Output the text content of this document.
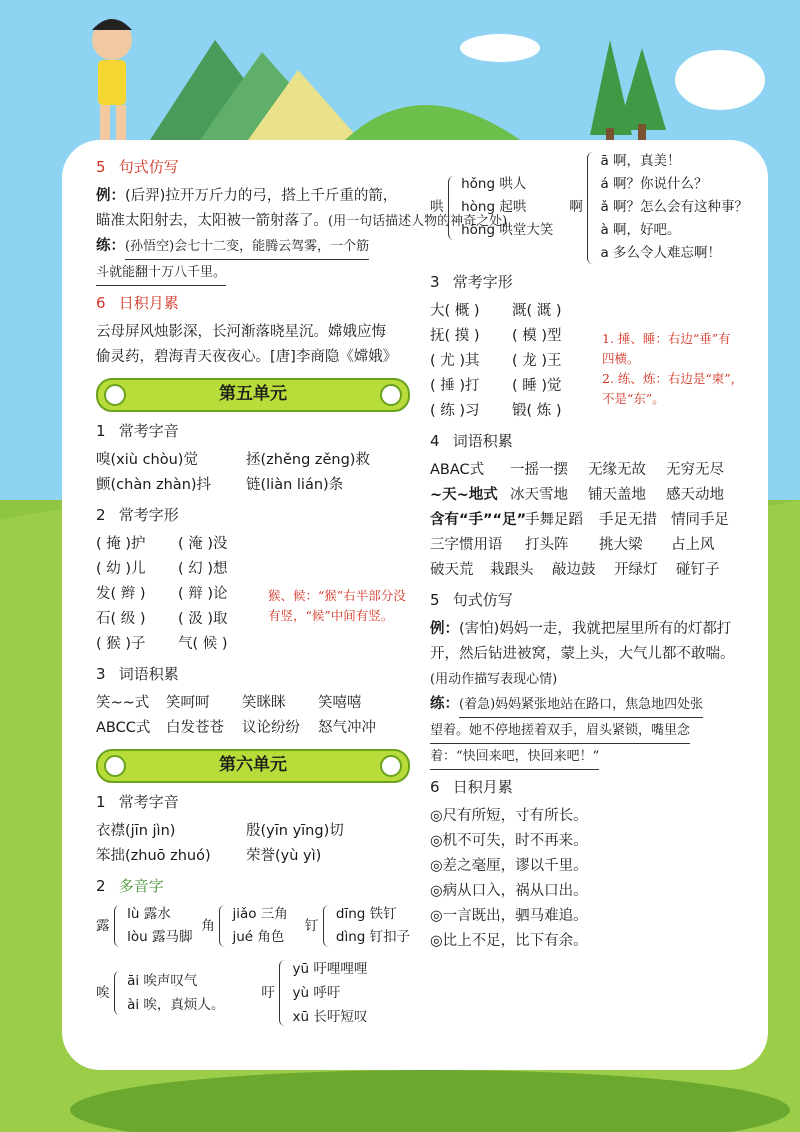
5 句式仿写
例：(后羿)拉开万斤力的弓，搭上千斤重的箭，
瞄准太阳射去，太阳被一箭射落了。(用一句话描述人物的神奇之处)
练：(孙悟空)会七十二变，能腾云驾雾，一个筋
斗就能翻十万八千里。
6 日积月累
云母屏风烛影深，长河渐落晓星沉。嫦娥应悔
偷灵药，碧海青天夜夜心。[唐]李商隐《嫦娥》
第五单元
1 常考字音
嗅(xiù chòu)觉	拯(zhěng zěng)救
颤(chàn zhàn)抖 链(liàn lián)条
2 常考字形
( 掩 )护 ( 淹 )没
( 幼 )儿 ( 幻 )想
发( 辫 ) ( 辩 )论
石( 级 ) ( 汲 )取
( 猴 )子 气( 候 )
猴、候：“猴”右半部分没
有竖，“候”中间有竖。
3 词语积累
笑~~式 笑呵呵 笑眯眯 笑嘻嘻
ABCC式 白发苍苍 议论纷纷 怒气冲冲
第六单元
1 常考字音
衣襟(jīn jìn)	殷(yīn yīng)切
笨拙(zhuō zhuó) 荣誉(yù yì)
2 多音字
露
lù 露水
lòu 露马脚
角
jiǎo 三角
jué 角色
钉
dīng 铁钉
dìng 钉扣子
唉
āi 唉声叹气
ài 唉，真烦人。
吁
yū 吁哩哩哩
yù 呼吁
xū 长吁短叹
哄
hǒng 哄人
hòng 起哄
hōng 哄堂大笑
啊
ā 啊，真美！
á 啊？你说什么？
ǎ 啊？怎么会有这种事？
à 啊，好吧。
a 多么令人难忘啊！
3 常考字形
大( 概 ) 溉( 溉 )
抚( 摸 ) ( 模 )型
( 尤 )其 ( 龙 )王
( 捶 )打 ( 睡 )觉
( 练 )习 锻( 炼 )
1. 捶、睡：右边“垂”有
四横。
2. 练、炼：右边是“柬”，
不是“东”。
4 词语积累
ABAC式 一摇一摆 无缘无故 无穷无尽
~天~地式 冰天雪地 铺天盖地 感天动地
含有“手”“足”手舞足蹈 手足无措 情同手足
三字惯用语 打头阵 挑大梁 占上风
破天荒 栽跟头 敲边鼓 开绿灯 碰钉子
5 句式仿写
例：(害怕)妈妈一走，我就把屋里所有的灯都打
开，然后钻进被窝，蒙上头，大气儿都不敢喘。
(用动作描写表现心情)
练：(着急)妈妈紧张地站在路口，焦急地四处张
望着。她不停地搓着双手，眉头紧锁，嘴里念
着：“快回来吧，快回来吧！”
6 日积月累
◎尺有所短，寸有所长。
◎机不可失，时不再来。
◎差之毫厘，谬以千里。
◎病从口入，祸从口出。
◎一言既出，驷马难追。
◎比上不足，比下有余。
